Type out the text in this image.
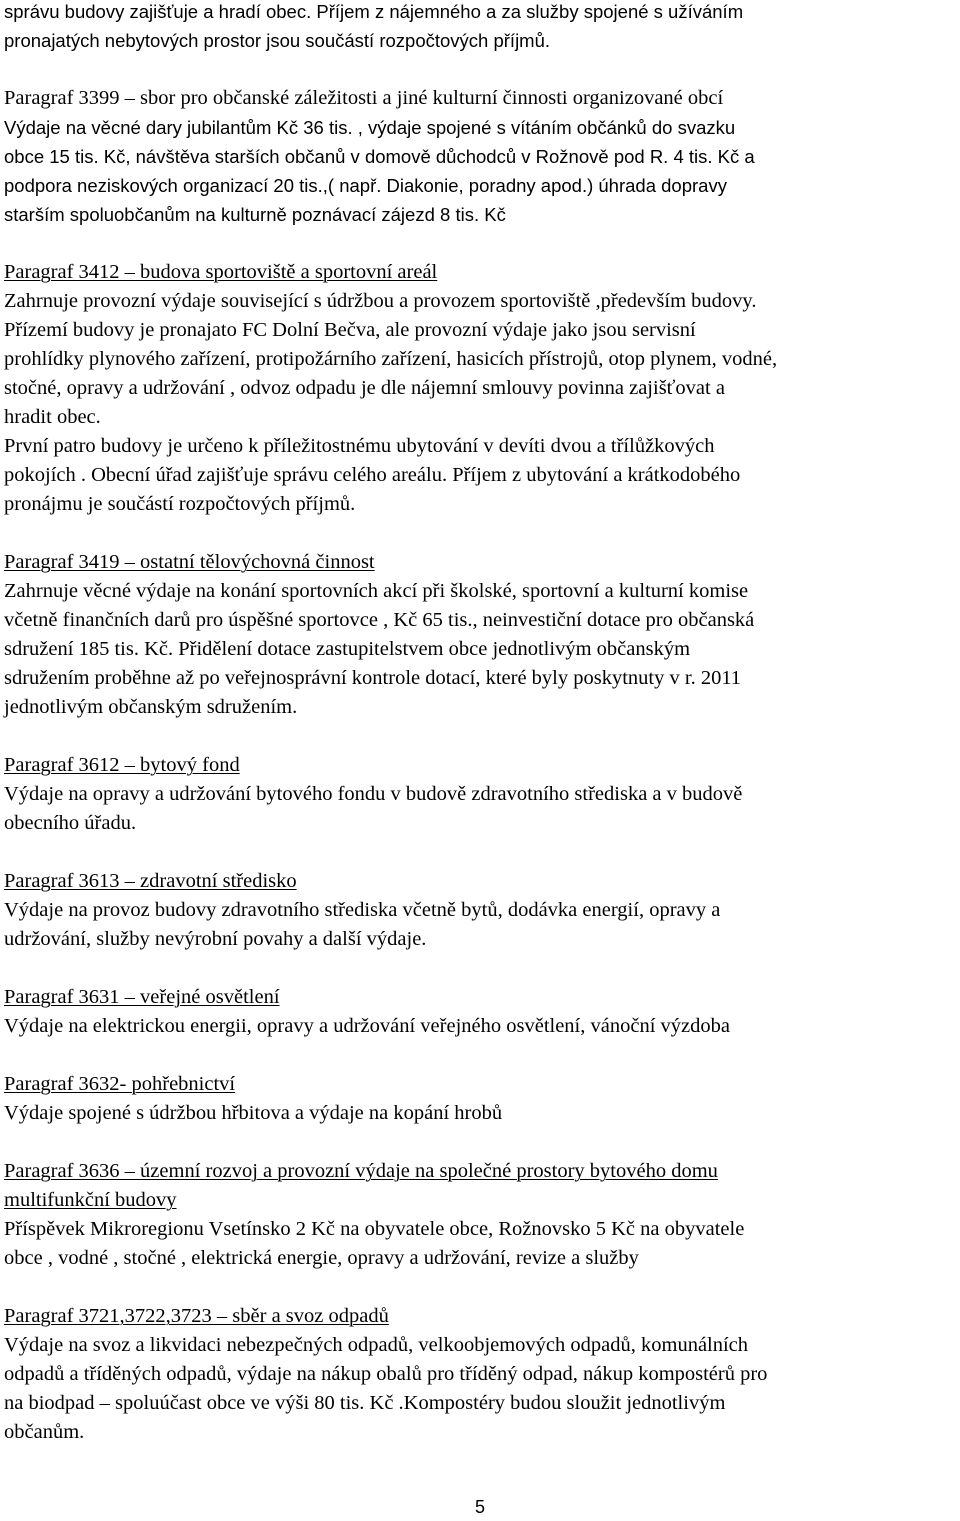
správu budovy zajišťuje a hradí obec. Příjem z nájemného a za služby spojené s užíváním
pronajatých nebytových prostor jsou součástí rozpočtových příjmů.
Paragraf 3399 – sbor pro občanské záležitosti a jiné kulturní činnosti organizované obcí
Výdaje na věcné dary jubilantům Kč 36 tis. , výdaje spojené s vítáním občánků do svazku
obce 15 tis. Kč, návštěva starších občanů v domově důchodců v Rožnově pod R. 4 tis. Kč a
podpora neziskových organizací 20 tis.,( např. Diakonie, poradny apod.) úhrada dopravy
starším spoluobčanům na kulturně poznávací zájezd 8 tis. Kč
Paragraf 3412 – budova sportoviště a sportovní areál
Zahrnuje provozní výdaje související s údržbou a provozem sportoviště ,především budovy.
Přízemí budovy je pronajato FC Dolní Bečva, ale provozní výdaje jako jsou servisní
prohlídky plynového zařízení, protipožárního zařízení, hasicích přístrojů, otop plynem, vodné,
stočné, opravy a udržování , odvoz odpadu je dle nájemní smlouvy povinna zajišťovat a
hradit obec.
První patro budovy je určeno k příležitostnému ubytování v devíti dvou a třílůžkových
pokojích . Obecní úřad zajišťuje správu celého areálu. Příjem z ubytování a krátkodobého
pronájmu je součástí rozpočtových příjmů.
Paragraf 3419 – ostatní tělovýchovná činnost
Zahrnuje věcné výdaje na konání sportovních akcí při školské, sportovní a kulturní komise
včetně finančních darů pro úspěšné sportovce , Kč 65 tis., neinvestiční dotace pro občanská
sdružení 185 tis. Kč. Přidělení dotace zastupitelstvem obce jednotlivým občanským
sdružením proběhne až po veřejnosprávní kontrole dotací, které byly poskytnuty v r. 2011
jednotlivým občanským sdružením.
Paragraf 3612 – bytový fond
Výdaje na opravy a udržování bytového fondu v budově zdravotního střediska a v budově
obecního úřadu.
Paragraf 3613 – zdravotní středisko
Výdaje na provoz budovy zdravotního střediska včetně bytů, dodávka energií, opravy a
udržování, služby nevýrobní povahy a další výdaje.
Paragraf 3631 – veřejné osvětlení
Výdaje na elektrickou energii, opravy a udržování veřejného osvětlení, vánoční výzdoba
Paragraf 3632- pohřebnictví
Výdaje spojené s údržbou hřbitova a výdaje na kopání hrobů
Paragraf 3636 – územní rozvoj a provozní výdaje na společné prostory bytového domu
multifunkční budovy
Příspěvek Mikroregionu Vsetínsko 2 Kč na obyvatele obce, Rožnovsko 5 Kč na obyvatele
obce , vodné , stočné , elektrická energie, opravy a udržování, revize a služby
Paragraf 3721,3722,3723 – sběr a svoz odpadů
Výdaje na svoz a likvidaci nebezpečných odpadů, velkoobjemových odpadů, komunálních
odpadů a tříděných odpadů, výdaje na nákup obalů pro tříděný odpad, nákup kompostérů pro
na biodpad – spoluúčast obce ve výši 80 tis. Kč .Kompostéry budou sloužit jednotlivým
občanům.
5
